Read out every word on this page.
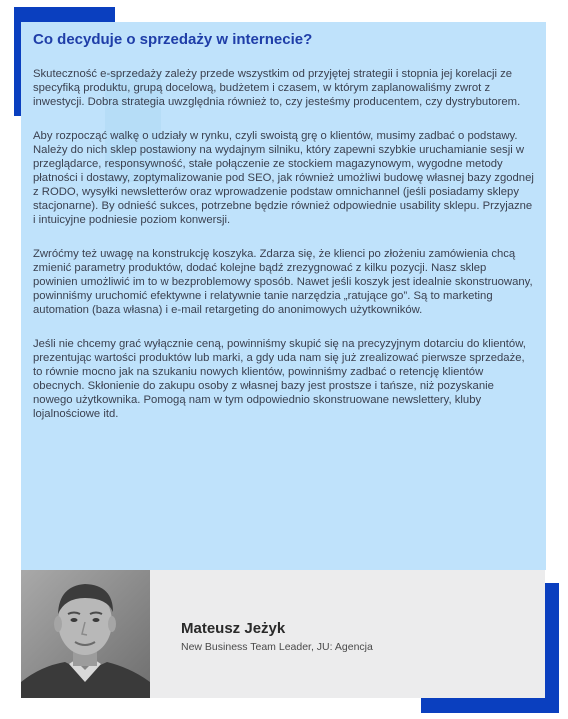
Co decyduje o sprzedaży w internecie?

Skuteczność e-sprzedaży zależy przede wszystkim od przyjętej strategii i stopnia jej korelacji ze specyfiką produktu, grupą docelową, budżetem i czasem, w którym zaplanowaliśmy zwrot z inwestycji. Dobra strategia uwzględnia również to, czy jesteśmy producentem, czy dystrybutorem.

Aby rozpocząć walkę o udziały w rynku, czyli swoistą grę o klientów, musimy zadbać o podstawy. Należy do nich sklep postawiony na wydajnym silniku, który zapewni szybkie uruchamianie sesji w przeglądarce, responsywność, stałe połączenie ze stockiem magazynowym, wygodne metody płatności i dostawy, zoptymalizowanie pod SEO, jak również umożliwi budowę własnej bazy zgodnej z RODO, wysyłki newsletterów oraz wprowadzenie podstaw omnichannel (jeśli posiadamy sklepy stacjonarne). By odnieść sukces, potrzebne będzie również odpowiednie usability sklepu. Przyjazne i intuicyjne podniesie poziom konwersji.

Zwróćmy też uwagę na konstrukcję koszyka. Zdarza się, że klienci po złożeniu zamówienia chcą zmienić parametry produktów, dodać kolejne bądź zrezygnować z kilku pozycji. Nasz sklep powinien umożliwić im to w bezproblemowy sposób. Nawet jeśli koszyk jest idealnie skonstruowany, powinniśmy uruchomić efektywne i relatywnie tanie narzędzia „ratujące go”. Są to marketing automation (baza własna) i e-mail retargeting do anonimowych użytkowników.

Jeśli nie chcemy grać wyłącznie ceną, powinniśmy skupić się na precyzyjnym dotarciu do klientów, prezentując wartości produktów lub marki, a gdy uda nam się już zrealizować pierwsze sprzedaże, to równie mocno jak na szukaniu nowych klientów, powinniśmy zadbać o retencję klientów obecnych. Skłonienie do zakupu osoby z własnej bazy jest prostsze i tańsze, niż pozyskanie nowego użytkownika. Pomogą nam w tym odpowiednio skonstruowane newslettery, kluby lojalnościowe itd.

Mateusz Jeżyk
New Business Team Leader, JU: Agencja
